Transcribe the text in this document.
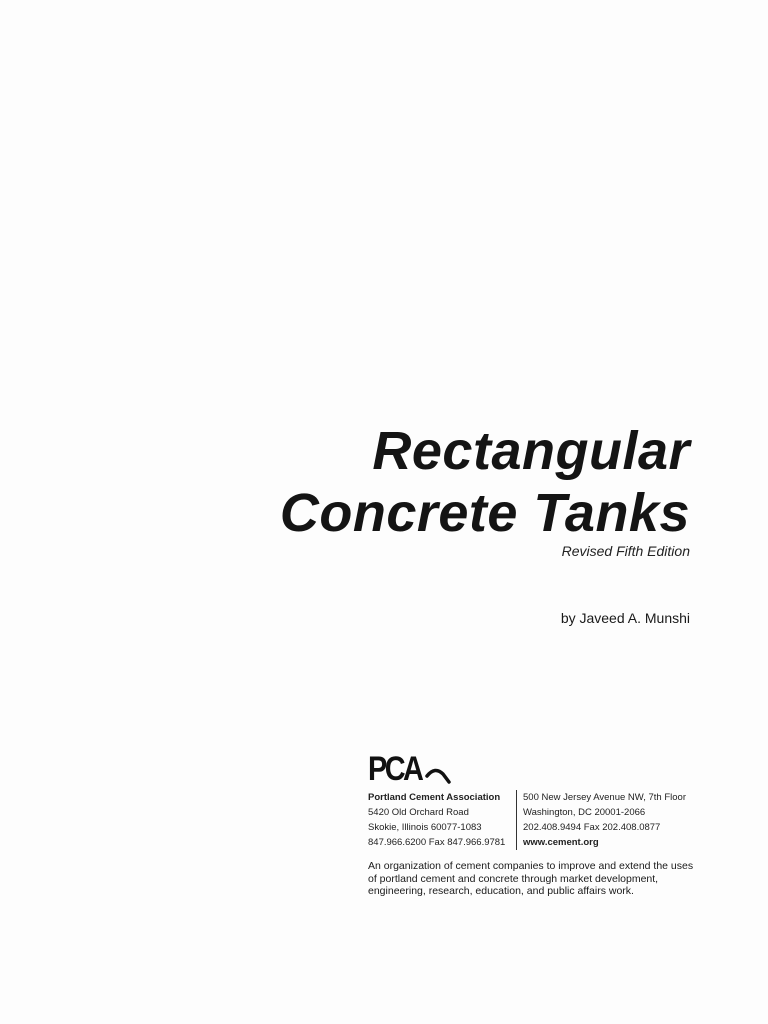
Rectangular
Concrete Tanks
Revised Fifth Edition
by Javeed A. Munshi
PCA
Portland Cement Association
5420 Old Orchard Road
Skokie, Illinois 60077-1083
847.966.6200 Fax 847.966.9781
500 New Jersey Avenue NW, 7th Floor
Washington, DC 20001-2066
202.408.9494 Fax 202.408.0877
www.cement.org
An organization of cement companies to improve and extend the uses of portland cement and concrete through market development, engineering, research, education, and public affairs work.
